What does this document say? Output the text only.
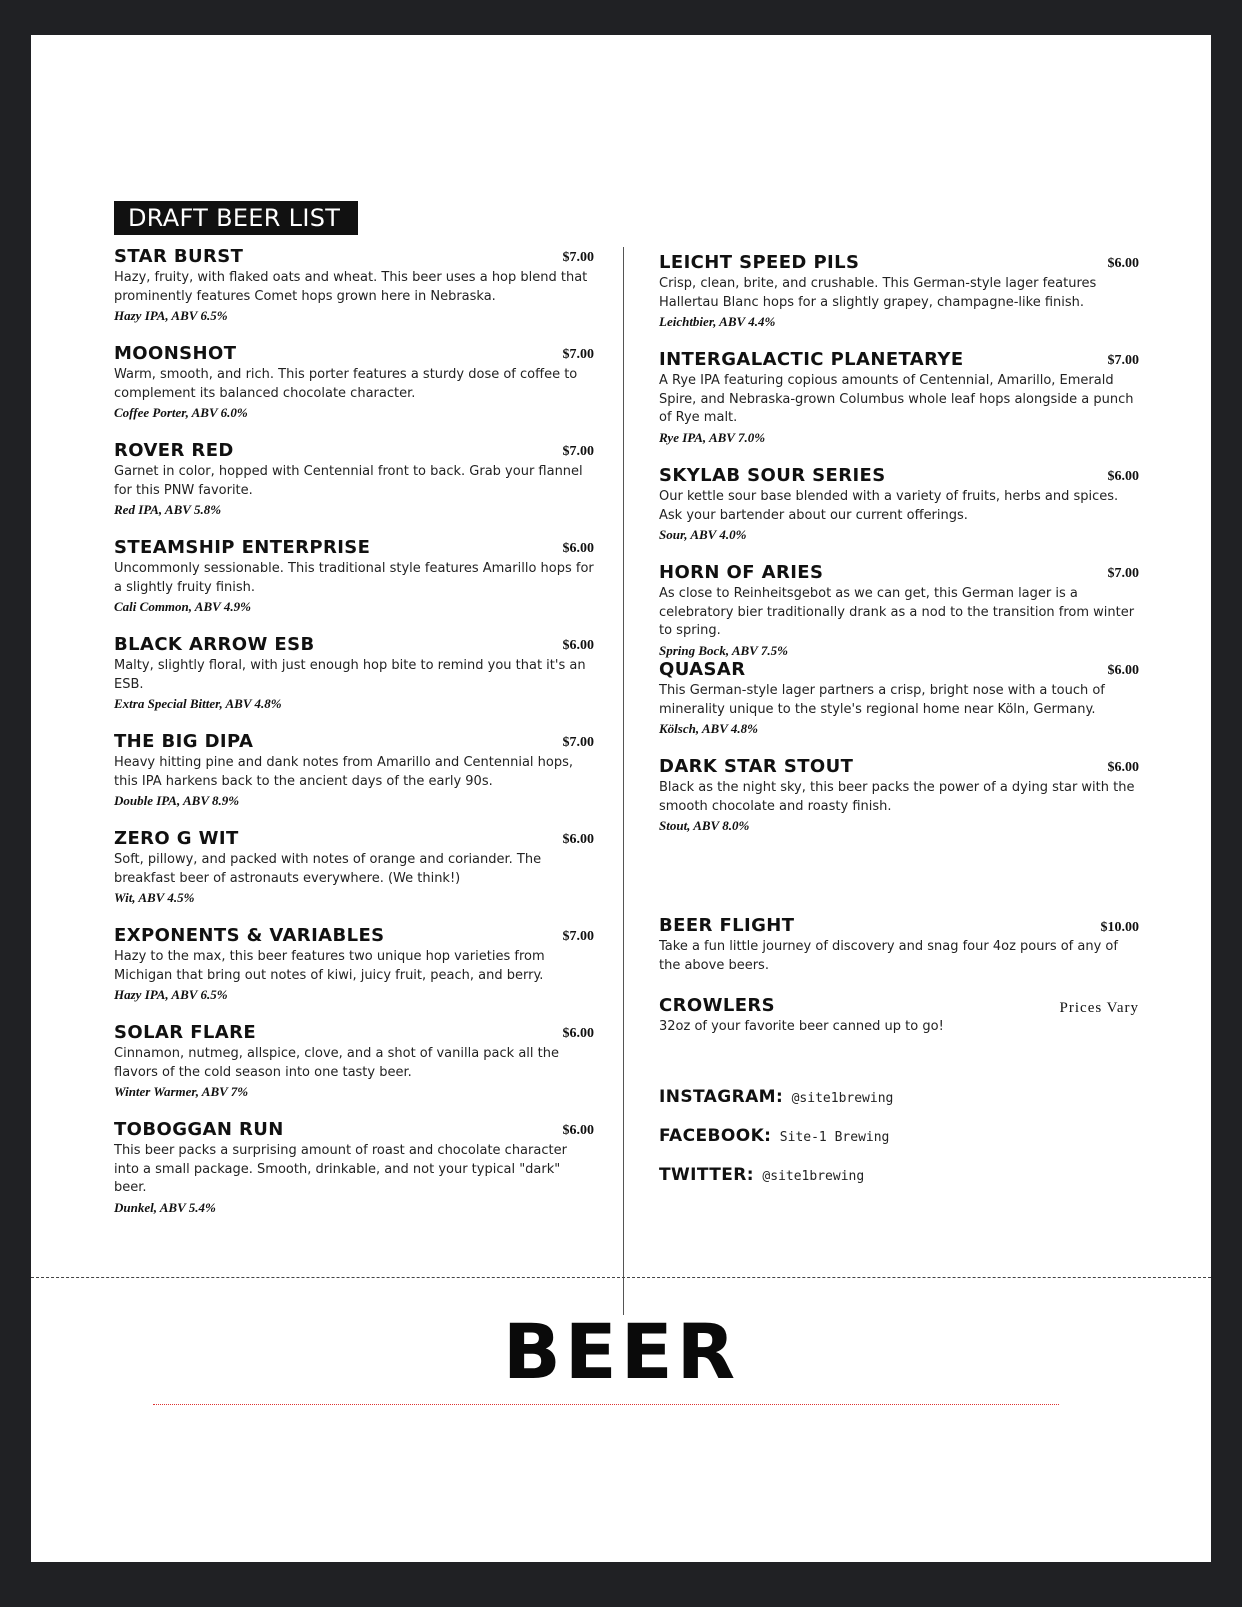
DRAFT BEER LIST
STAR BURST	$7.00
Hazy, fruity, with flaked oats and wheat. This beer uses a hop blend that prominently features Comet hops grown here in Nebraska.
Hazy IPA, ABV 6.5%
MOONSHOT	$7.00
Warm, smooth, and rich. This porter features a sturdy dose of coffee to complement its balanced chocolate character.
Coffee Porter, ABV 6.0%
ROVER RED	$7.00
Garnet in color, hopped with Centennial front to back. Grab your flannel for this PNW favorite.
Red IPA, ABV 5.8%
STEAMSHIP ENTERPRISE	$6.00
Uncommonly sessionable. This traditional style features Amarillo hops for a slightly fruity finish.
Cali Common, ABV 4.9%
BLACK ARROW ESB	$6.00
Malty, slightly floral, with just enough hop bite to remind you that it's an ESB.
Extra Special Bitter, ABV 4.8%
THE BIG DIPA	$7.00
Heavy hitting pine and dank notes from Amarillo and Centennial hops, this IPA harkens back to the ancient days of the early 90s.
Double IPA, ABV 8.9%
ZERO G WIT	$6.00
Soft, pillowy, and packed with notes of orange and coriander. The breakfast beer of astronauts everywhere. (We think!)
Wit, ABV 4.5%
EXPONENTS & VARIABLES	$7.00
Hazy to the max, this beer features two unique hop varieties from Michigan that bring out notes of kiwi, juicy fruit, peach, and berry.
Hazy IPA, ABV 6.5%
SOLAR FLARE	$6.00
Cinnamon, nutmeg, allspice, clove, and a shot of vanilla pack all the flavors of the cold season into one tasty beer.
Winter Warmer, ABV 7%
TOBOGGAN RUN	$6.00
This beer packs a surprising amount of roast and chocolate character into a small package. Smooth, drinkable, and not your typical "dark" beer.
Dunkel, ABV 5.4%
LEICHT SPEED PILS	$6.00
Crisp, clean, brite, and crushable. This German-style lager features Hallertau Blanc hops for a slightly grapey, champagne-like finish.
Leichtbier, ABV 4.4%
INTERGALACTIC PLANETARYE	$7.00
A Rye IPA featuring copious amounts of Centennial, Amarillo, Emerald Spire, and Nebraska-grown Columbus whole leaf hops alongside a punch of Rye malt.
Rye IPA, ABV 7.0%
SKYLAB SOUR SERIES	$6.00
Our kettle sour base blended with a variety of fruits, herbs and spices. Ask your bartender about our current offerings.
Sour, ABV 4.0%
HORN OF ARIES	$7.00
As close to Reinheitsgebot as we can get, this German lager is a celebratory bier traditionally drank as a nod to the transition from winter to spring.
Spring Bock, ABV 7.5%
QUASAR	$6.00
This German-style lager partners a crisp, bright nose with a touch of minerality unique to the style's regional home near Köln, Germany.
Kölsch, ABV 4.8%
DARK STAR STOUT	$6.00
Black as the night sky, this beer packs the power of a dying star with the smooth chocolate and roasty finish.
Stout, ABV 8.0%
BEER FLIGHT	$10.00
Take a fun little journey of discovery and snag four 4oz pours of any of the above beers.
CROWLERS	Prices Vary
32oz of your favorite beer canned up to go!
INSTAGRAM: @site1brewing
FACEBOOK: Site-1 Brewing
TWITTER: @site1brewing
BEER
